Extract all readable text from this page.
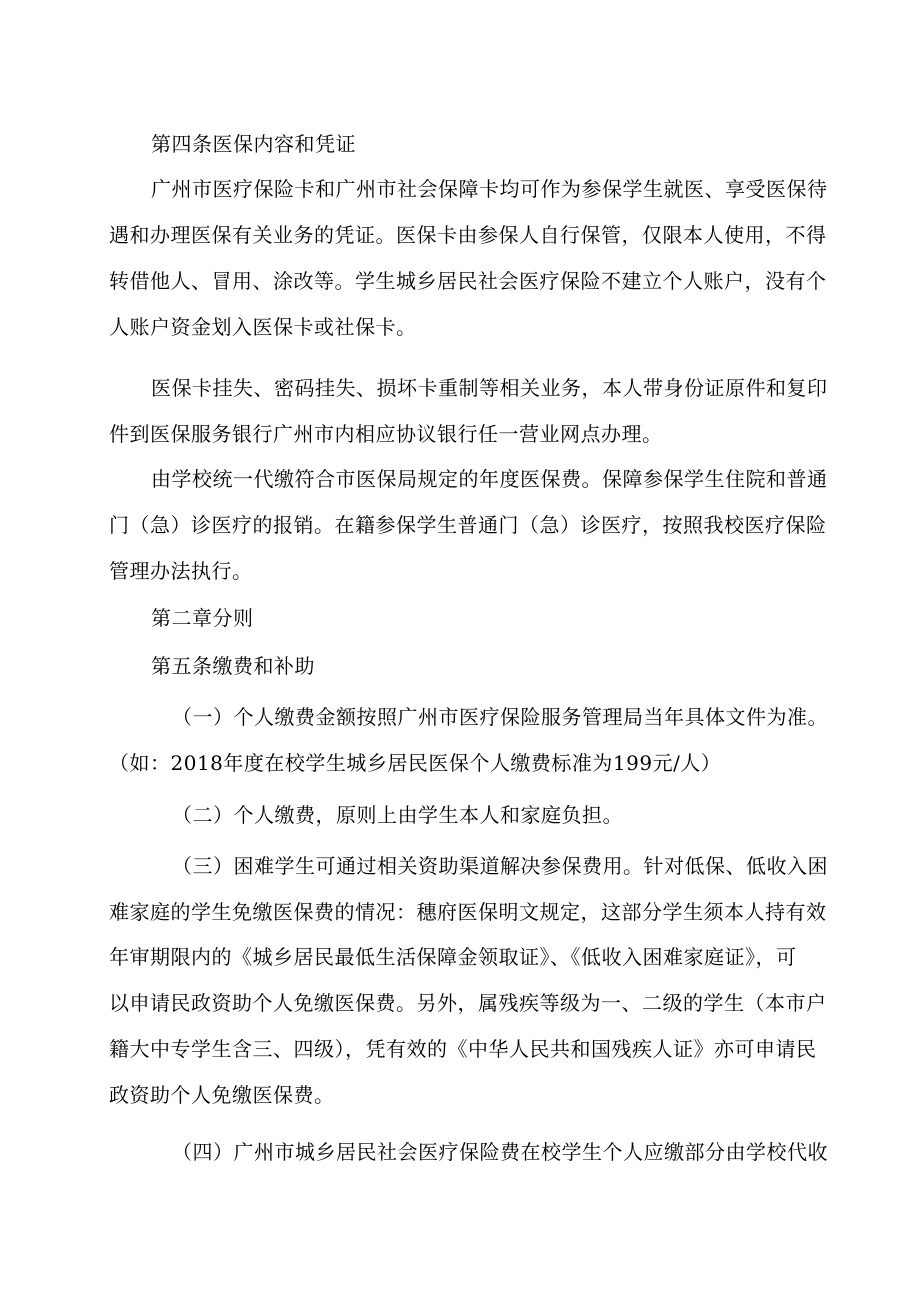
第四条医保内容和凭证
广州市医疗保险卡和广州市社会保障卡均可作为参保学生就医、享受医保待
遇和办理医保有关业务的凭证。医保卡由参保人自行保管，仅限本人使用，不得
转借他人、冒用、涂改等。学生城乡居民社会医疗保险不建立个人账户，没有个
人账户资金划入医保卡或社保卡。
医保卡挂失、密码挂失、损坏卡重制等相关业务，本人带身份证原件和复印
件到医保服务银行广州市内相应协议银行任一营业网点办理。
由学校统一代缴符合市医保局规定的年度医保费。保障参保学生住院和普通
门（急）诊医疗的报销。在籍参保学生普通门（急）诊医疗，按照我校医疗保险
管理办法执行。
第二章分则
第五条缴费和补助
（一）个人缴费金额按照广州市医疗保险服务管理局当年具体文件为准。
（如：2018年度在校学生城乡居民医保个人缴费标准为199元/人）
（二）个人缴费，原则上由学生本人和家庭负担。
（三）困难学生可通过相关资助渠道解决参保费用。针对低保、低收入困
难家庭的学生免缴医保费的情况：穗府医保明文规定，这部分学生须本人持有效
年审期限内的《城乡居民最低生活保障金领取证》、《低收入困难家庭证》，可
以申请民政资助个人免缴医保费。另外，属残疾等级为一、二级的学生（本市户
籍大中专学生含三、四级），凭有效的《中华人民共和国残疾人证》亦可申请民
政资助个人免缴医保费。
（四）广州市城乡居民社会医疗保险费在校学生个人应缴部分由学校代收
